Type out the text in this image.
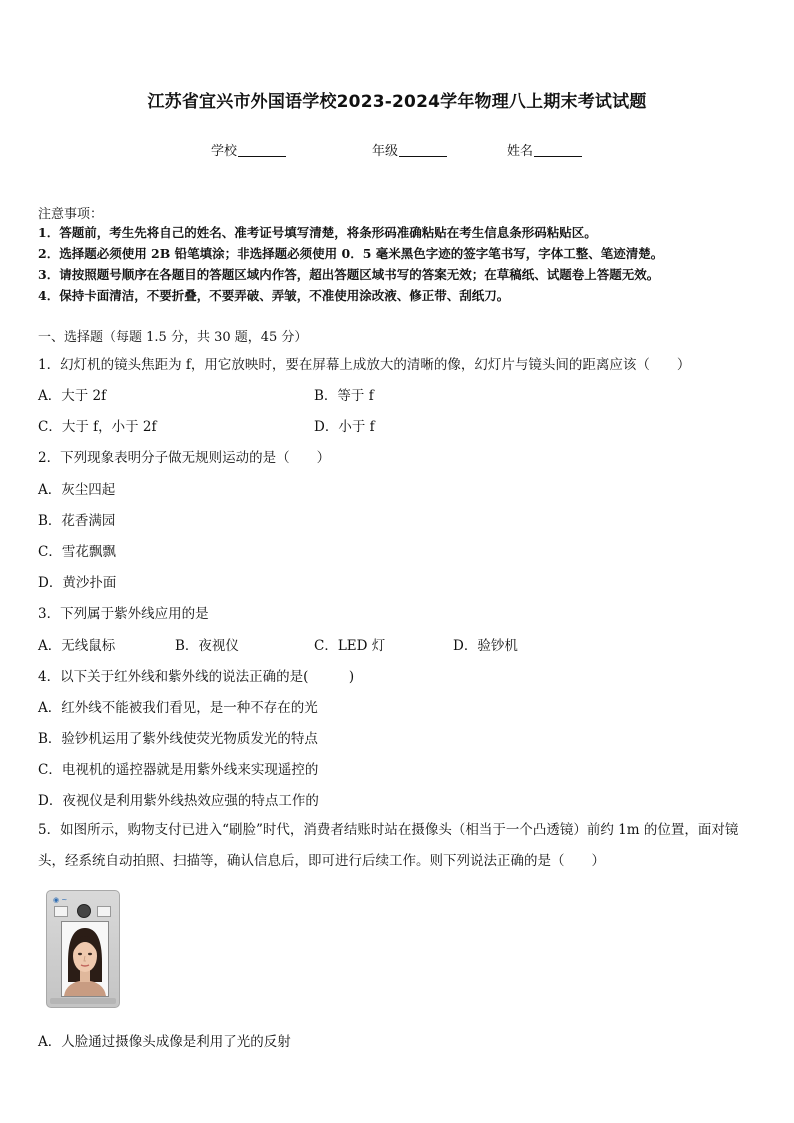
江苏省宜兴市外国语学校2023-2024学年物理八上期末考试试题
学校	年级	姓名
注意事项：
1．答题前，考生先将自己的姓名、准考证号填写清楚，将条形码准确粘贴在考生信息条形码粘贴区。
2．选择题必须使用 2B 铅笔填涂；非选择题必须使用 0．5 毫米黑色字迹的签字笔书写，字体工整、笔迹清楚。
3．请按照题号顺序在各题目的答题区域内作答，超出答题区域书写的答案无效；在草稿纸、试题卷上答题无效。
4．保持卡面清洁，不要折叠，不要弄破、弄皱，不准使用涂改液、修正带、刮纸刀。
一、选择题（每题 1.5 分，共 30 题，45 分）
1．幻灯机的镜头焦距为 f，用它放映时，要在屏幕上成放大的清晰的像，幻灯片与镜头间的距离应该（　　）
A．大于 2f	B．等于 f
C．大于 f，小于 2f	D．小于 f
2．下列现象表明分子做无规则运动的是（　　）
A．灰尘四起
B．花香满园
C．雪花飘飘
D．黄沙扑面
3．下列属于紫外线应用的是
A．无线鼠标	B．夜视仪	C．LED 灯	D．验钞机
4．以下关于红外线和紫外线的说法正确的是(　　　)
A．红外线不能被我们看见，是一种不存在的光
B．验钞机运用了紫外线使荧光物质发光的特点
C．电视机的遥控器就是用紫外线来实现遥控的
D．夜视仪是利用紫外线热效应强的特点工作的
5．如图所示，购物支付已进入“刷脸”时代，消费者结账时站在摄像头（相当于一个凸透镜）前约 1m 的位置，面对镜头，经系统自动拍照、扫描等，确认信息后，即可进行后续工作。则下列说法正确的是（　　）
◉ ~
A．人脸通过摄像头成像是利用了光的反射
